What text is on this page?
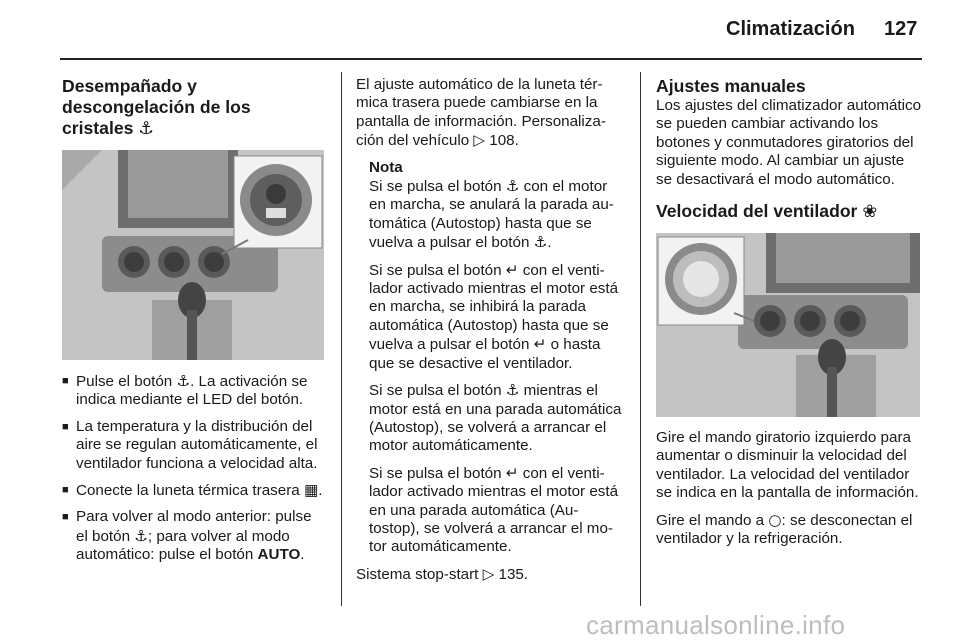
Climatización 127
Desempañado y
descongelación de los
cristales ⚓
■ Pulse el botón ⚓. La activación se indica mediante el LED del botón.
■ La temperatura y la distribución del aire se regulan automáticamente, el ventilador funciona a velocidad alta.
■ Conecte la luneta térmica trasera ▦.
■ Para volver al modo anterior: pulse el botón ⚓; para volver al modo automático: pulse el botón AUTO.

El ajuste automático de la luneta térmica trasera puede cambiarse en la pantalla de información. Personalización del vehículo ▷ 108.

Nota

Si se pulsa el botón ⚓ con el motor en marcha, se anulará la parada automática (Autostop) hasta que se vuelva a pulsar el botón ⚓.

Si se pulsa el botón ↵ con el ventilador activado mientras el motor está en marcha, se inhibirá la parada automática (Autostop) hasta que se vuelva a pulsar el botón ↵ o hasta que se desactive el ventilador.

Si se pulsa el botón ⚓ mientras el motor está en una parada automática (Autostop), se volverá a arrancar el motor automáticamente.

Si se pulsa el botón ↵ con el ventilador activado mientras el motor está en una parada automática (Autostop), se volverá a arrancar el motor automáticamente.

Sistema stop-start ▷ 135.

Ajustes manuales

Los ajustes del climatizador automático se pueden cambiar activando los botones y conmutadores giratorios del siguiente modo. Al cambiar un ajuste se desactivará el modo automático.

Velocidad del ventilador ❀

Gire el mando giratorio izquierdo para aumentar o disminuir la velocidad del ventilador. La velocidad del ventilador se indica en la pantalla de información.

Gire el mando a ○: se desconectan el ventilador y la refrigeración.

carmanualsonline.info
